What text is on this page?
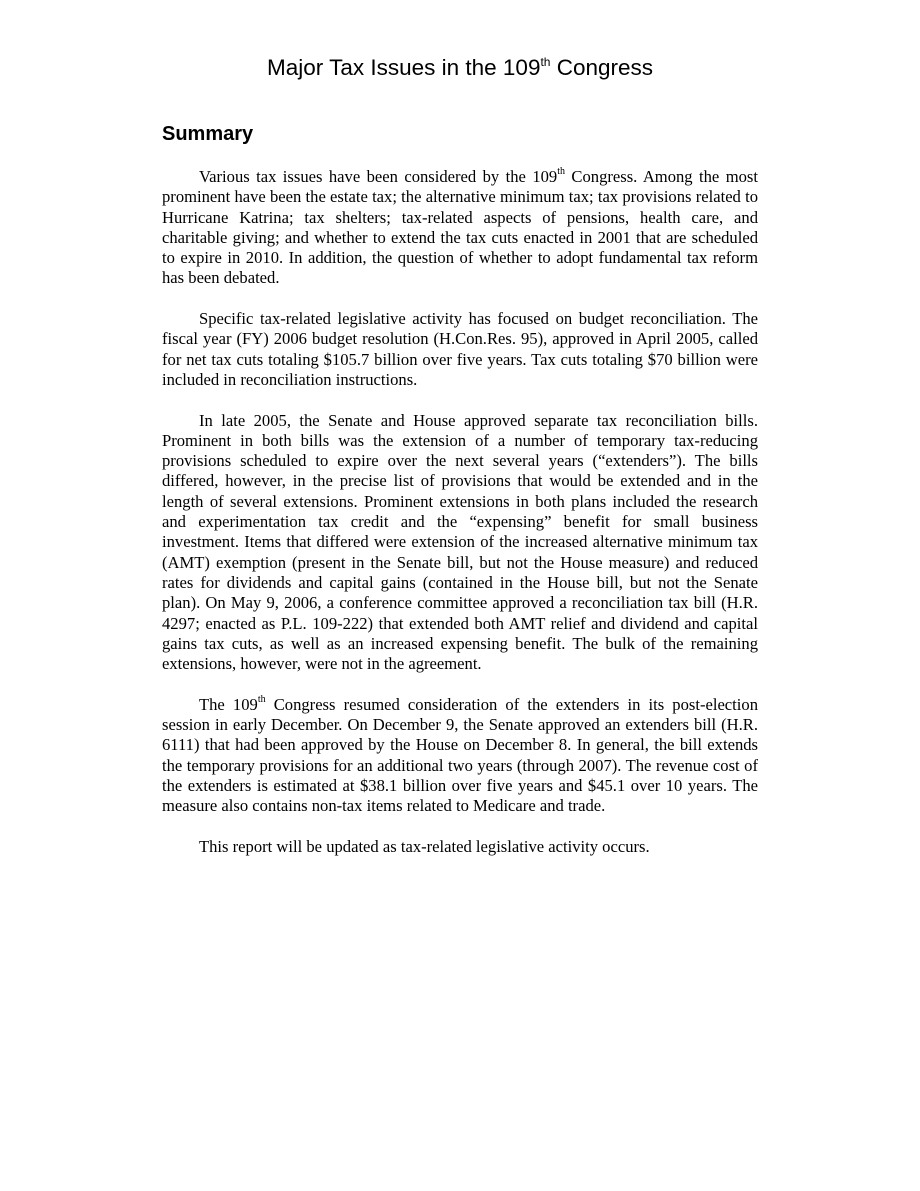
Major Tax Issues in the 109th Congress
Summary

Various tax issues have been considered by the 109th Congress. Among the most prominent have been the estate tax; the alternative minimum tax; tax provisions related to Hurricane Katrina; tax shelters; tax-related aspects of pensions, health care, and charitable giving; and whether to extend the tax cuts enacted in 2001 that are scheduled to expire in 2010. In addition, the question of whether to adopt fundamental tax reform has been debated.

Specific tax-related legislative activity has focused on budget reconciliation. The fiscal year (FY) 2006 budget resolution (H.Con.Res. 95), approved in April 2005, called for net tax cuts totaling $105.7 billion over five years. Tax cuts totaling $70 billion were included in reconciliation instructions.

In late 2005, the Senate and House approved separate tax reconciliation bills. Prominent in both bills was the extension of a number of temporary tax-reducing provisions scheduled to expire over the next several years (“extenders”). The bills differed, however, in the precise list of provisions that would be extended and in the length of several extensions. Prominent extensions in both plans included the research and experimentation tax credit and the “expensing” benefit for small business investment. Items that differed were extension of the increased alternative minimum tax (AMT) exemption (present in the Senate bill, but not the House measure) and reduced rates for dividends and capital gains (contained in the House bill, but not the Senate plan). On May 9, 2006, a conference committee approved a reconciliation tax bill (H.R. 4297; enacted as P.L. 109-222) that extended both AMT relief and dividend and capital gains tax cuts, as well as an increased expensing benefit. The bulk of the remaining extensions, however, were not in the agreement.

The 109th Congress resumed consideration of the extenders in its post-election session in early December. On December 9, the Senate approved an extenders bill (H.R. 6111) that had been approved by the House on December 8. In general, the bill extends the temporary provisions for an additional two years (through 2007). The revenue cost of the extenders is estimated at $38.1 billion over five years and $45.1 over 10 years. The measure also contains non-tax items related to Medicare and trade.

This report will be updated as tax-related legislative activity occurs.
